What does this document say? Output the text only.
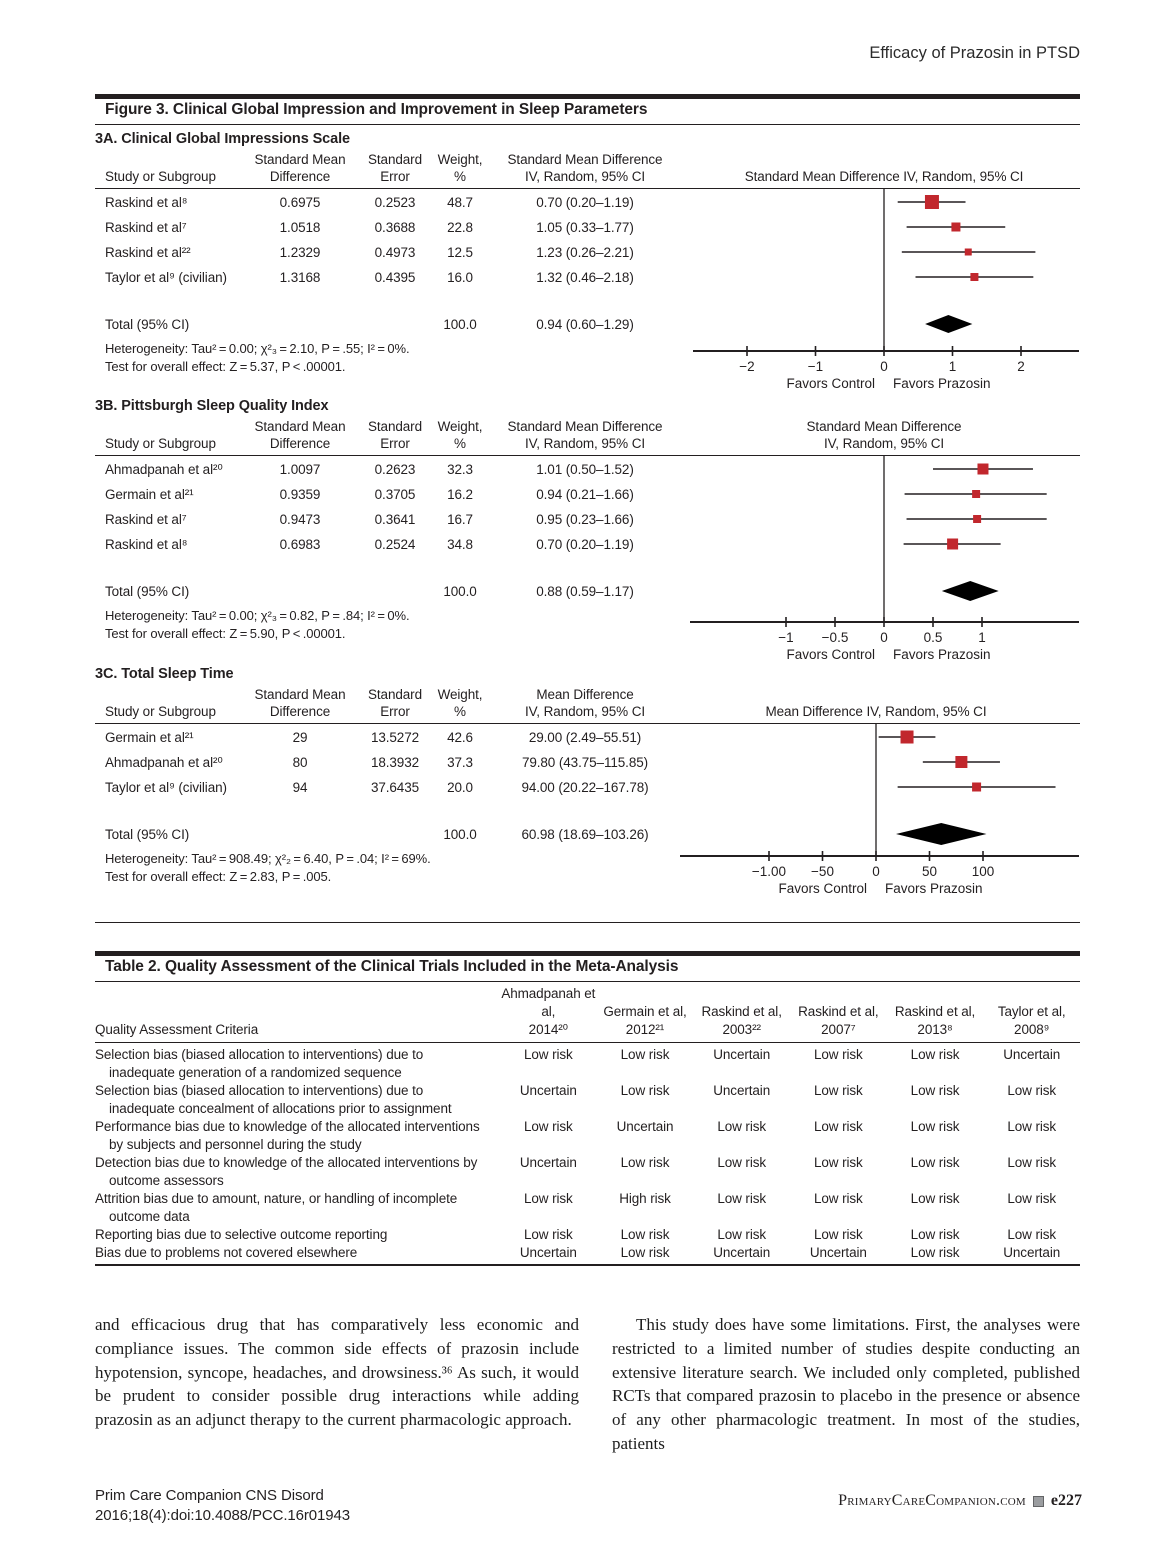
Efficacy of Prazosin in PTSD
Figure 3. Clinical Global Impression and Improvement in Sleep Parameters
3A. Clinical Global Impressions Scale
Standard Mean	Standard	Weight,	Standard Mean Difference
Study or Subgroup	Difference	Error	%	IV, Random, 95% CI	Standard Mean Difference IV, Random, 95% CI
Raskind et al⁸	0.6975	0.2523	48.7	0.70 (0.20–1.19)
Raskind et al⁷	1.0518	0.3688	22.8	1.05 (0.33–1.77)
Raskind et al²²	1.2329	0.4973	12.5	1.23 (0.26–2.21)
Taylor et al⁹ (civilian)	1.3168	0.4395	16.0	1.32 (0.46–2.18)
Total (95% CI)	100.0	0.94 (0.60–1.29)
Heterogeneity: Tau² = 0.00; χ²₃ = 2.10, P = .55; I² = 0%.
Test for overall effect: Z = 5.37, P < .00001.	−2	−1	0	1	2
Favors Control Favors Prazosin
3B. Pittsburgh Sleep Quality Index
Standard Mean	Standard	Weight,	Standard Mean Difference
Study or Subgroup	Difference	Error	%	IV, Random, 95% CI
Standard Mean Difference
IV, Random, 95% CI
Ahmadpanah et al²⁰	1.0097	0.2623	32.3	1.01 (0.50–1.52)
Germain et al²¹	0.9359	0.3705	16.2	0.94 (0.21–1.66)
Raskind et al⁷	0.9473	0.3641	16.7	0.95 (0.23–1.66)
Raskind et al⁸	0.6983	0.2524	34.8	0.70 (0.20–1.19)
Total (95% CI)	100.0	0.88 (0.59–1.17)
Heterogeneity: Tau² = 0.00; χ²₃ = 0.82, P = .84; I² = 0%.
Test for overall effect: Z = 5.90, P < .00001.	−1 −0.5 0	0.5	1
Favors Control Favors Prazosin
3C. Total Sleep Time
Standard Mean	Standard	Weight,	Mean Difference
Study or Subgroup	Difference	Error	%	IV, Random, 95% CI	Mean Difference IV, Random, 95% CI
Germain et al²¹	29	13.5272	42.6	29.00 (2.49–55.51)
Ahmadpanah et al²⁰	80	18.3932	37.3	79.80 (43.75–115.85)
Taylor et al⁹ (civilian)	94	37.6435	20.0	94.00 (20.22–167.78)
Total (95% CI)	100.0	60.98 (18.69–103.26)
Heterogeneity: Tau² = 908.49; χ²₂ = 6.40, P = .04; I² = 69%.
Test for overall effect: Z = 2.83, P = .005.	−1.00 −50	0	50	100
Favors Control Favors Prazosin
Table 2. Quality Assessment of the Clinical Trials Included in the Meta-Analysis
Quality Assessment Criteria
Ahmadpanah et al,
2014²⁰
Germain et al,
2012²¹
Raskind et al,
2003²²
Raskind et al,
2007⁷
Raskind et al,
2013⁸
Taylor et al,
2008⁹
Selection bias (biased allocation to interventions) due to inadequate generation of a randomized sequence
Low risk	Low risk	Uncertain	Low risk	Low risk	Uncertain
Selection bias (biased allocation to interventions) due to inadequate concealment of allocations prior to assignment
Uncertain	Low risk	Uncertain	Low risk	Low risk	Low risk
Performance bias due to knowledge of the allocated interventions by subjects and personnel during the study
Low risk	Uncertain	Low risk	Low risk	Low risk	Low risk
Detection bias due to knowledge of the allocated interventions by outcome assessors
Uncertain	Low risk	Low risk	Low risk	Low risk	Low risk
Attrition bias due to amount, nature, or handling of incomplete outcome data
Low risk	High risk	Low risk	Low risk	Low risk	Low risk
Reporting bias due to selective outcome reporting	Low risk	Low risk	Low risk	Low risk	Low risk	Low risk
Bias due to problems not covered elsewhere	Uncertain	Low risk	Uncertain	Uncertain	Low risk	Uncertain
and efficacious drug that has comparatively less economic and compliance issues. The common side effects of prazosin include hypotension, syncope, headaches, and drowsiness.³⁶ As such, it would be prudent to consider possible drug interactions while adding prazosin as an adjunct therapy to the current pharmacologic approach.
This study does have some limitations. First, the analyses were restricted to a limited number of studies despite conducting an extensive literature search. We included only completed, published RCTs that compared prazosin to placebo in the presence or absence of any other pharmacologic treatment. In most of the studies, patients
Prim Care Companion CNS Disord
2016;18(4):doi:10.4088/PCC.16r01943
PrimaryCareCompanion.com e227
